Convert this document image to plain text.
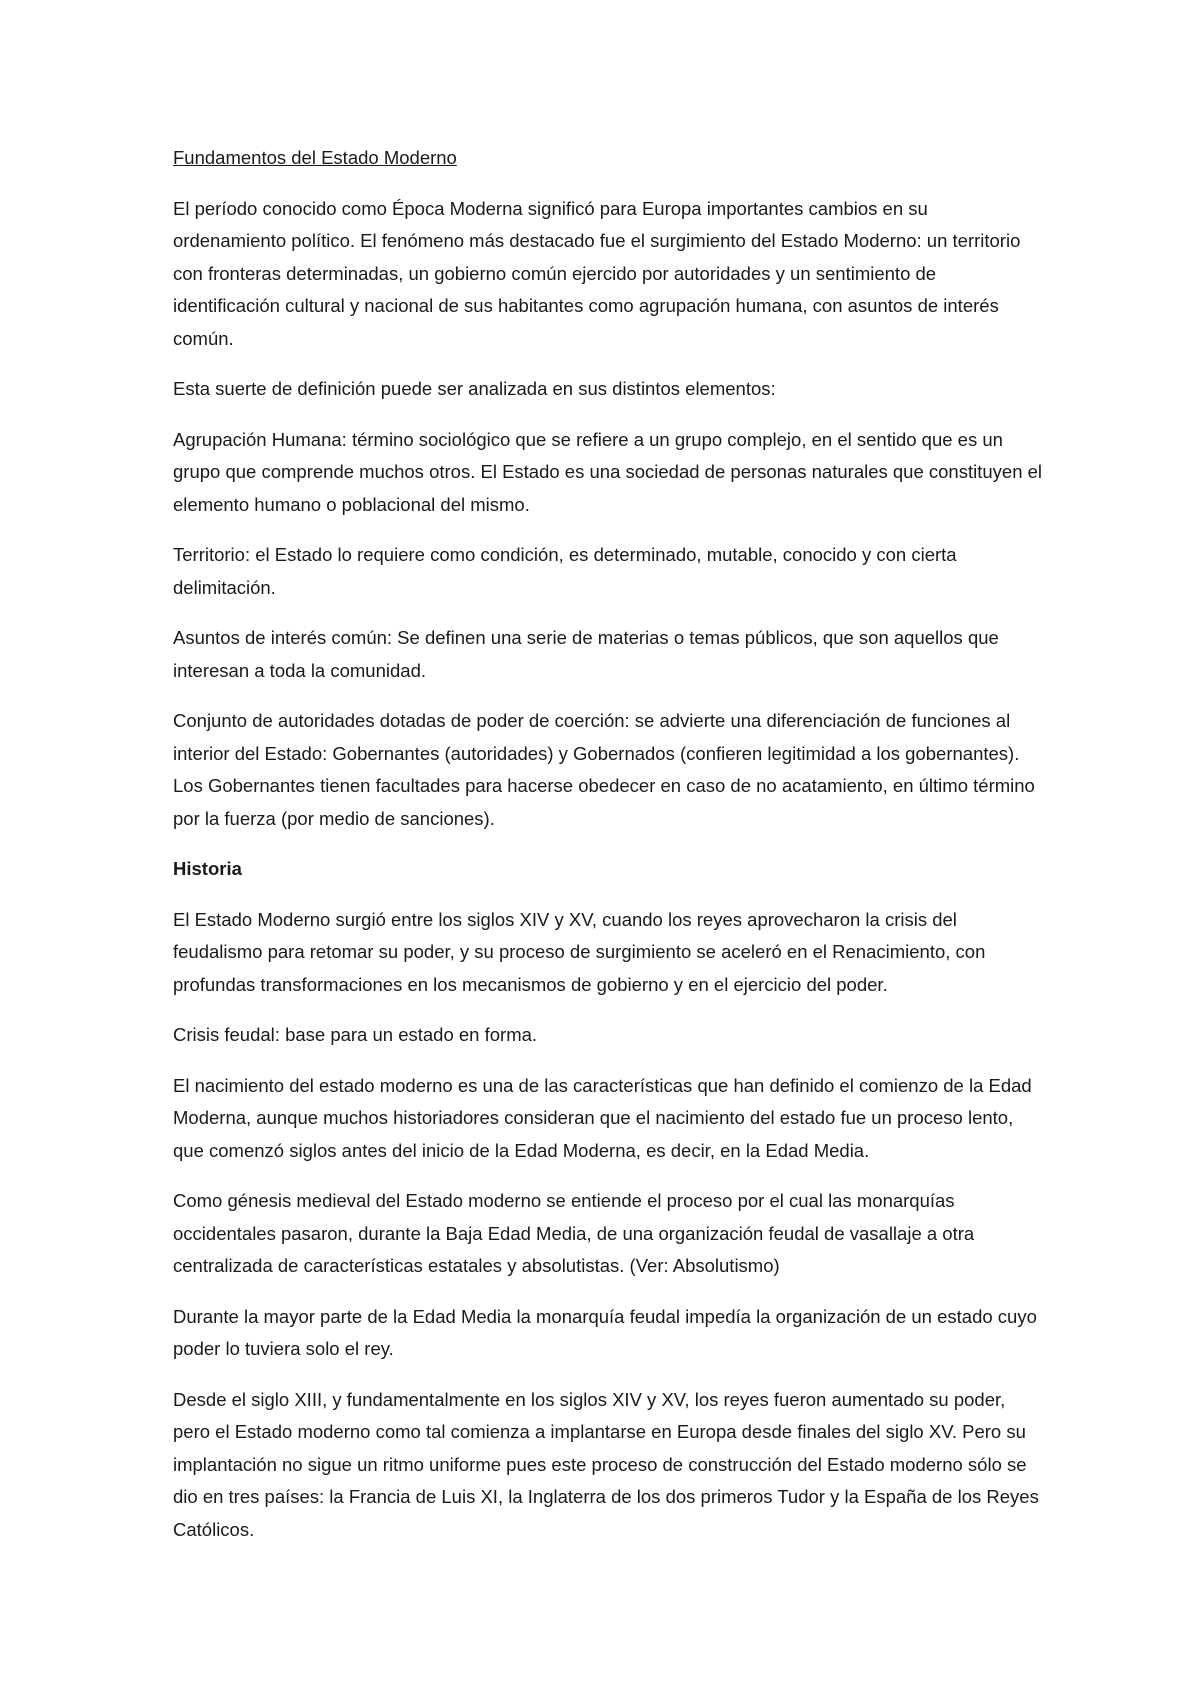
Fundamentos del Estado Moderno

El período conocido como Época Moderna significó para Europa importantes cambios en su ordenamiento político. El fenómeno más destacado fue el surgimiento del Estado Moderno: un territorio con fronteras determinadas, un gobierno común ejercido por autoridades y un sentimiento de identificación cultural y nacional de sus habitantes como agrupación humana, con asuntos de interés común.

Esta suerte de definición puede ser analizada en sus distintos elementos:

Agrupación Humana: término sociológico que se refiere a un grupo complejo, en el sentido que es un grupo que comprende muchos otros. El Estado es una sociedad de personas naturales que constituyen el elemento humano o poblacional del mismo.

Territorio: el Estado lo requiere como condición, es determinado, mutable, conocido y con cierta delimitación.

Asuntos de interés común: Se definen una serie de materias o temas públicos, que son aquellos que interesan a toda la comunidad.

Conjunto de autoridades dotadas de poder de coerción: se advierte una diferenciación de funciones al interior del Estado: Gobernantes (autoridades) y Gobernados (confieren legitimidad a los gobernantes). Los Gobernantes tienen facultades para hacerse obedecer en caso de no acatamiento, en último término por la fuerza (por medio de sanciones).

Historia

El Estado Moderno surgió entre los siglos XIV y XV, cuando los reyes aprovecharon la crisis del feudalismo para retomar su poder, y su proceso de surgimiento se aceleró en el Renacimiento, con profundas transformaciones en los mecanismos de gobierno y en el ejercicio del poder.

Crisis feudal: base para un estado en forma.

El nacimiento del estado moderno es una de las características que han definido el comienzo de la Edad Moderna, aunque muchos historiadores consideran que el nacimiento del estado fue un proceso lento, que comenzó siglos antes del inicio de la Edad Moderna, es decir, en la Edad Media.

Como génesis medieval del Estado moderno se entiende el proceso por el cual las monarquías occidentales pasaron, durante la Baja Edad Media, de una organización feudal de vasallaje a otra centralizada de características estatales y absolutistas. (Ver: Absolutismo)

Durante la mayor parte de la Edad Media la monarquía feudal impedía la organización de un estado cuyo poder lo tuviera solo el rey.

Desde el siglo XIII, y fundamentalmente en los siglos XIV y XV, los reyes fueron aumentado su poder, pero el Estado moderno como tal comienza a implantarse en Europa desde finales del siglo XV. Pero su implantación no sigue un ritmo uniforme pues este proceso de construcción del Estado moderno sólo se dio en tres países: la Francia de Luis XI, la Inglaterra de los dos primeros Tudor y la España de los Reyes Católicos.
